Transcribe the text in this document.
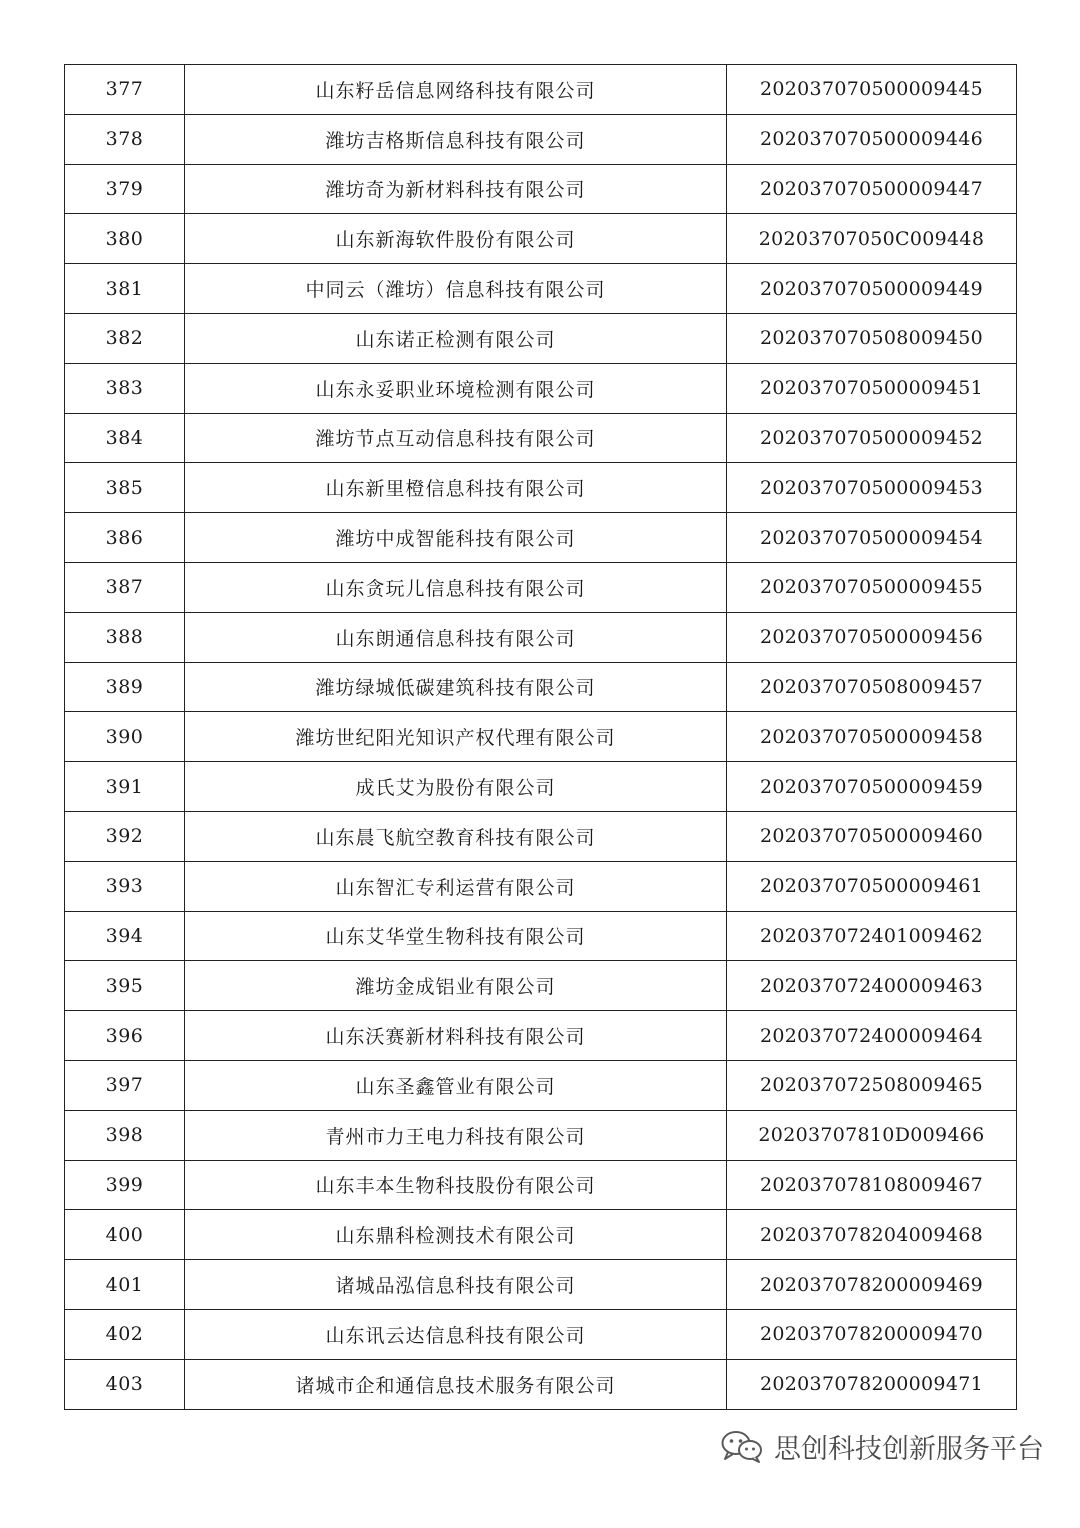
377	山东籽岳信息网络科技有限公司	202037070500009445
378	潍坊吉格斯信息科技有限公司	202037070500009446
379	潍坊奇为新材料科技有限公司	202037070500009447
380	山东新海软件股份有限公司	20203707050C009448
381	中同云（潍坊）信息科技有限公司	202037070500009449
382	山东诺正检测有限公司	202037070508009450
383	山东永妥职业环境检测有限公司	202037070500009451
384	潍坊节点互动信息科技有限公司	202037070500009452
385	山东新里橙信息科技有限公司	202037070500009453
386	潍坊中成智能科技有限公司	202037070500009454
387	山东贪玩儿信息科技有限公司	202037070500009455
388	山东朗通信息科技有限公司	202037070500009456
389	潍坊绿城低碳建筑科技有限公司	202037070508009457
390	潍坊世纪阳光知识产权代理有限公司	202037070500009458
391	成氏艾为股份有限公司	202037070500009459
392	山东晨飞航空教育科技有限公司	202037070500009460
393	山东智汇专利运营有限公司	202037070500009461
394	山东艾华堂生物科技有限公司	202037072401009462
395	潍坊金成铝业有限公司	202037072400009463
396	山东沃赛新材料科技有限公司	202037072400009464
397	山东圣鑫管业有限公司	202037072508009465
398	青州市力王电力科技有限公司	20203707810D009466
399	山东丰本生物科技股份有限公司	202037078108009467
400	山东鼎科检测技术有限公司	202037078204009468
401	诸城品泓信息科技有限公司	202037078200009469
402	山东讯云达信息科技有限公司	202037078200009470
403	诸城市企和通信息技术服务有限公司	202037078200009471
思创科技创新服务平台
